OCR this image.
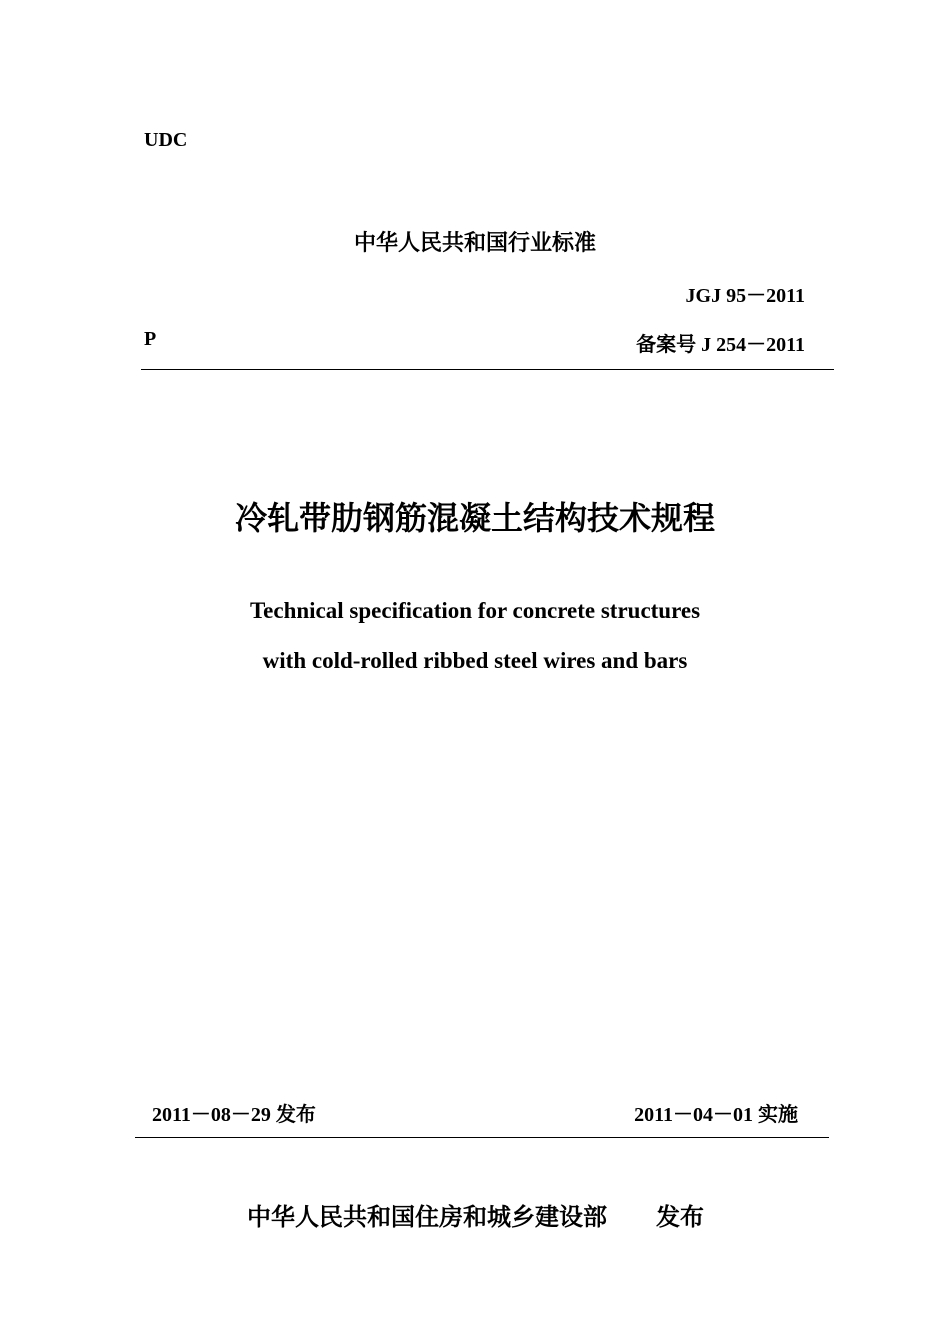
UDC
中华人民共和国行业标准
JGJ 95－2011
P	备案号 J 254－2011
冷轧带肋钢筋混凝土结构技术规程
Technical specification for concrete structures
with cold-rolled ribbed steel wires and bars
2011－08－29 发布	2011－04－01 实施
中华人民共和国住房和城乡建设部 发布
